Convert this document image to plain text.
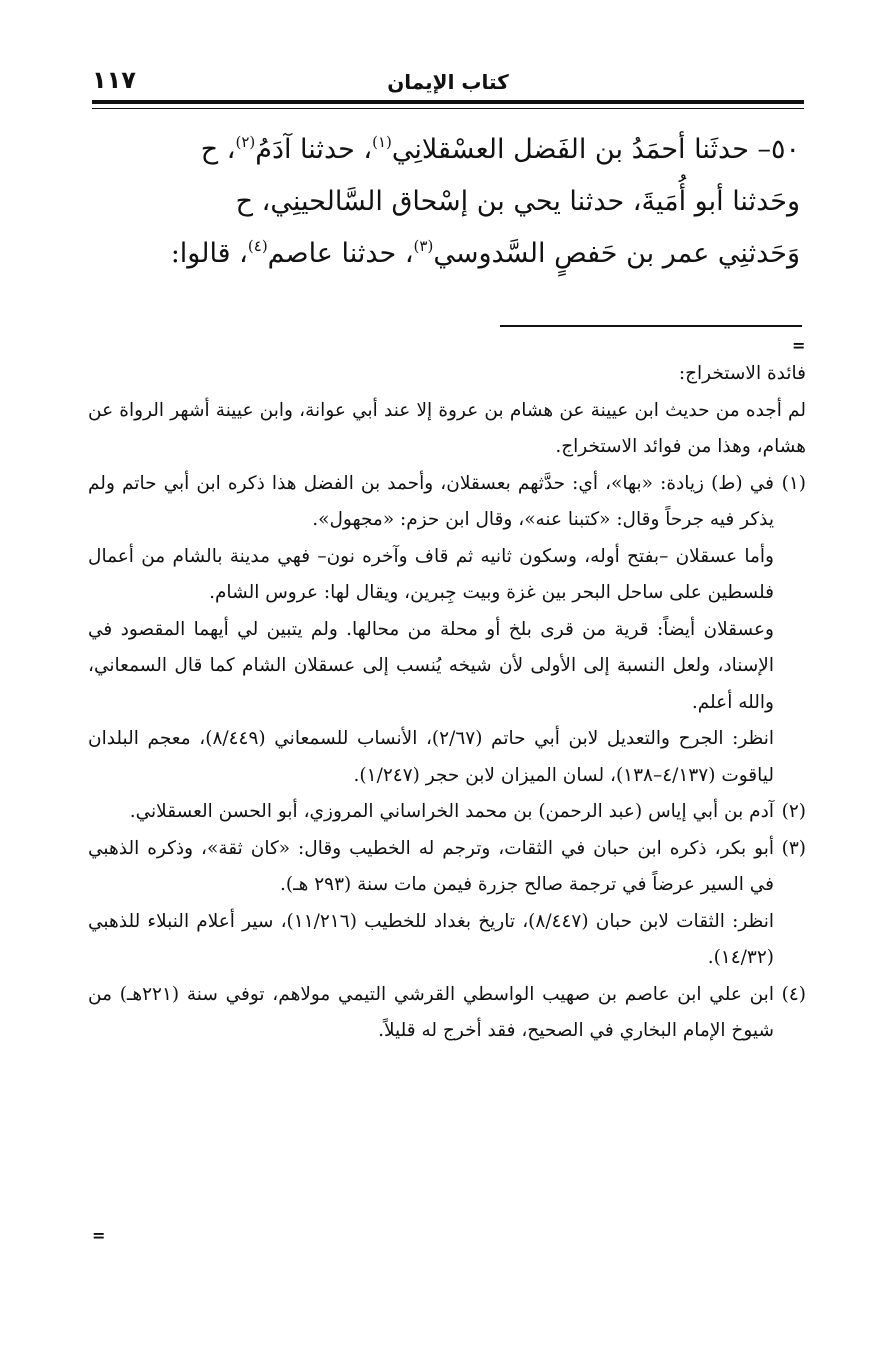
كتاب الإيمان
١١٧
٥٠– حدثَنا أحمَدُ بن الفَضل العسْقلانِي$^{(١)}$، حدثنا آدَمُ$^{(٢)}$، ح
وحَدثنا أبو أُمَيةَ، حدثنا يحي بن إسْحاق السَّالحينِي، ح
وَحَدثنِي عمر بن حَفصٍ السَّدوسي$^{(٣)}$، حدثنا عاصم$^{(٤)}$، قالوا:
=

فائدة الاستخراج:

لم أجده من حديث ابن عيينة عن هشام بن عروة إلا عند أبي عوانة، وابن عيينة أشهر الرواة عن هشام، وهذا من فوائد الاستخراج.

(١)في (ط) زيادة: «بها»، أي: حدَّثهم بعسقلان، وأحمد بن الفضل هذا ذكره ابن أبي حاتم ولم يذكر فيه جرحاً وقال: «كتبنا عنه»، وقال ابن حزم: «مجهول».

وأما عسقلان –بفتح أوله، وسكون ثانيه ثم قاف وآخره نون– فهي مدينة بالشام من أعمال فلسطين على ساحل البحر بين غزة وبيت جِبرين، ويقال لها: عروس الشام.

وعسقلان أيضاً: قرية من قرى بلخ أو محلة من محالها. ولم يتبين لي أيهما المقصود في الإسناد، ولعل النسبة إلى الأولى لأن شيخه يُنسب إلى عسقلان الشام كما قال السمعاني، والله أعلم.

انظر: الجرح والتعديل لابن أبي حاتم (٢/٦٧)، الأنساب للسمعاني (٨/٤٤٩)، معجم البلدان لياقوت (٤/١٣٧–١٣٨)، لسان الميزان لابن حجر (١/٢٤٧).

(٢)آدم بن أبي إياس (عبد الرحمن) بن محمد الخراساني المروزي، أبو الحسن العسقلاني.

(٣)أبو بكر، ذكره ابن حبان في الثقات، وترجم له الخطيب وقال: «كان ثقة»، وذكره الذهبي في السير عرضاً في ترجمة صالح جزرة فيمن مات سنة (٢٩٣ هـ).

انظر: الثقات لابن حبان (٨/٤٤٧)، تاريخ بغداد للخطيب (١١/٢١٦)، سير أعلام النبلاء للذهبي (١٤/٣٢).

(٤)ابن علي ابن عاصم بن صهيب الواسطي القرشي التيمي مولاهم، توفي سنة (٢٢١هـ) من شيوخ الإمام البخاري في الصحيح، فقد أخرج له قليلاً.

=
